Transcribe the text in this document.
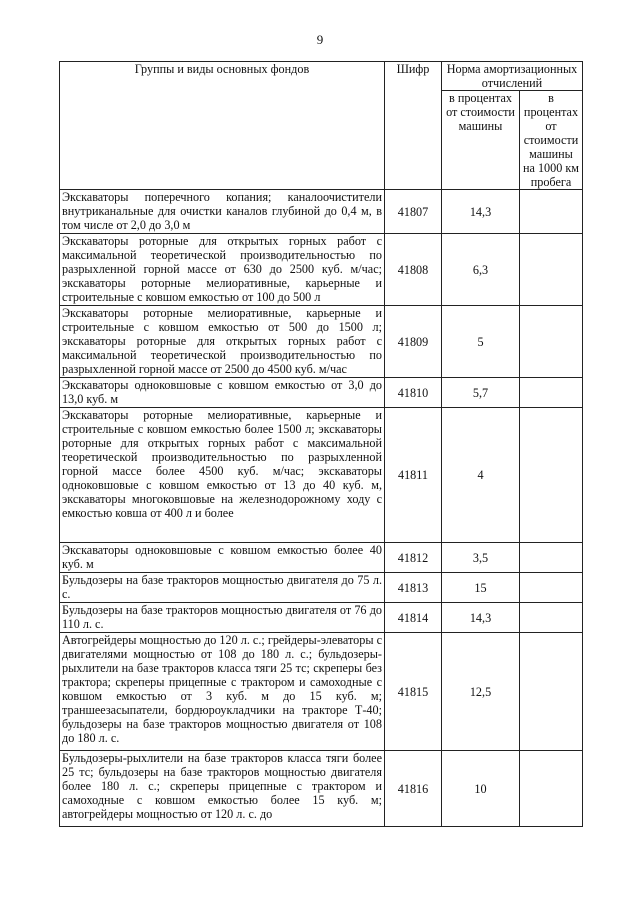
9
Группы и виды основных фондов	Шифр	Норма амортизационных отчислений	
		в процентах от стоимости машины	в процентах от стоимости машины на 1000 км пробега
Экскаваторы поперечного копания; каналоочистители внутриканальные для очистки каналов глубиной до 0,4 м, в том числе от 2,0 до 3,0 м	41807	14,3	
Экскаваторы роторные для открытых горных работ с максимальной теоретической производительностью по разрыхленной горной массе от 630 до 2500 куб. м/час; экскаваторы роторные мелиоративные, карьерные и строительные с ковшом емкостью от 100 до 500 л	41808	6,3	
Экскаваторы роторные мелиоративные, карьерные и строительные с ковшом емкостью от 500 до 1500 л; экскаваторы роторные для открытых горных работ с максимальной теоретической производительностью по разрыхленной горной массе от 2500 до 4500 куб. м/час	41809	5	
Экскаваторы одноковшовые с ковшом емкостью от 3,0 до 13,0 куб. м	41810	5,7	
Экскаваторы роторные мелиоративные, карьерные и строительные с ковшом емкостью более 1500 л; экскаваторы роторные для открытых горных работ с максимальной теоретической производительностью по разрыхленной горной массе более 4500 куб. м/час; экскаваторы одноковшовые с ковшом емкостью от 13 до 40 куб. м, экскаваторы многоковшовые на железнодорожному ходу с емкостью ковша от 400 л и более	41811	4	
Экскаваторы одноковшовые с ковшом емкостью более 40 куб. м	41812	3,5	
Бульдозеры на базе тракторов мощностью двигателя до 75 л. с.	41813	15	
Бульдозеры на базе тракторов мощностью двигателя от 76 до 110 л. с.	41814	14,3	
Автогрейдеры мощностью до 120 л. с.; грейдеры-элеваторы с двигателями мощностью от 108 до 180 л. с.; бульдозеры-рыхлители на базе тракторов класса тяги 25 тс; скреперы без трактора; скреперы прицепные с трактором и самоходные с ковшом емкостью от 3 куб. м до 15 куб. м; траншеезасыпатели, бордюроукладчики на тракторе Т-40; бульдозеры на базе тракторов мощностью двигателя от 108 до 180 л. с.	41815	12,5	
Бульдозеры-рыхлители на базе тракторов класса тяги более 25 тс; бульдозеры на базе тракторов мощностью двигателя более 180 л. с.; скреперы прицепные с трактором и самоходные с ковшом емкостью более 15 куб. м; автогрейдеры мощностью от 120 л. с. до	41816	10	
